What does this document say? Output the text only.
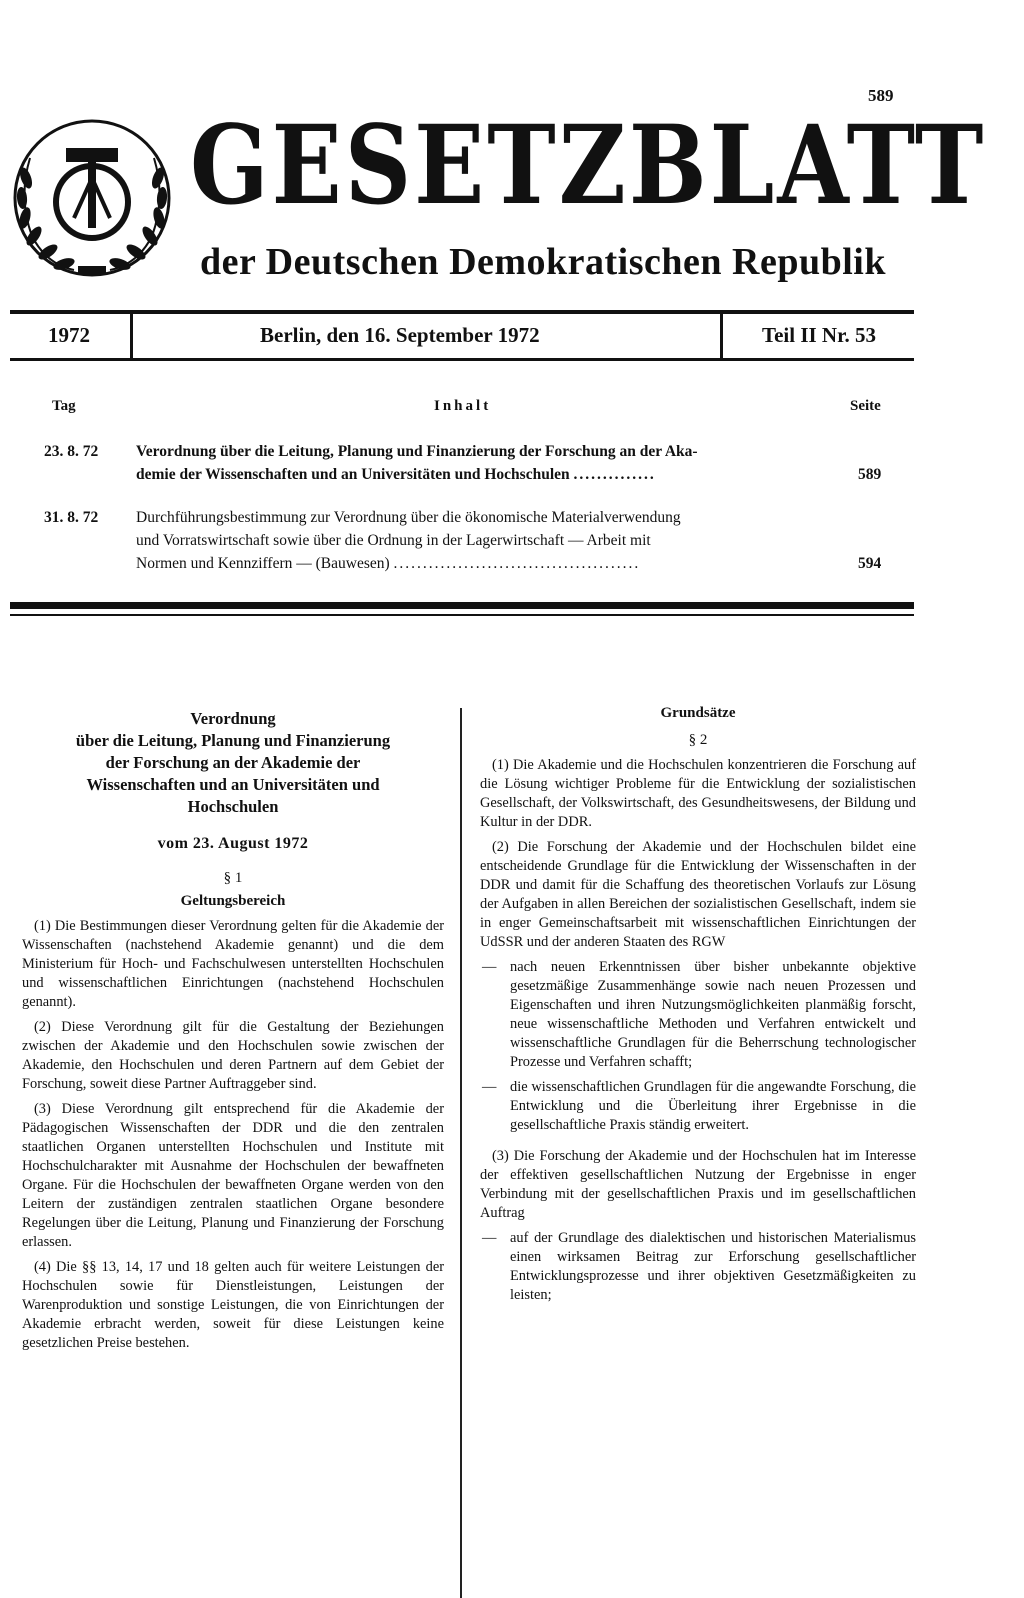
589
GESETZBLATT
der Deutschen Demokratischen Republik
1972	Berlin, den 16. September 1972	Teil II Nr. 53
Tag	Inhalt	Seite
23. 8. 72 Verordnung über die Leitung, Planung und Finanzierung der Forschung an der Aka-
demie der Wissenschaften und an Universitäten und Hochschulen ..............	589
31. 8. 72 Durchführungsbestimmung zur Verordnung über die ökonomische Materialverwendung
und Vorratswirtschaft sowie über die Ordnung in der Lagerwirtschaft — Arbeit mit
Normen und Kennziffern — (Bauwesen) ..........................................	594
Verordnung
über die Leitung, Planung und Finanzierung
der Forschung an der Akademie der
Wissenschaften und an Universitäten und
Hochschulen
vom 23. August 1972
§ 1
Geltungsbereich

(1) Die Bestimmungen dieser Verordnung gelten für die Akademie der Wissenschaften (nachstehend Akademie genannt) und die dem Ministerium für Hoch- und Fachschulwesen unterstellten Hochschulen und wissenschaftlichen Einrichtungen (nachstehend Hochschulen genannt).

(2) Diese Verordnung gilt für die Gestaltung der Beziehungen zwischen der Akademie und den Hochschulen sowie zwischen der Akademie, den Hochschulen und deren Partnern auf dem Gebiet der Forschung, soweit diese Partner Auftraggeber sind.

(3) Diese Verordnung gilt entsprechend für die Akademie der Pädagogischen Wissenschaften der DDR und die den zentralen staatlichen Organen unterstellten Hochschulen und Institute mit Hochschulcharakter mit Ausnahme der Hochschulen der bewaffneten Organe. Für die Hochschulen der bewaffneten Organe werden von den Leitern der zuständigen zentralen staatlichen Organe besondere Regelungen über die Leitung, Planung und Finanzierung der Forschung erlassen.

(4) Die §§ 13, 14, 17 und 18 gelten auch für weitere Leistungen der Hochschulen sowie für Dienstleistungen, Leistungen der Warenproduktion und sonstige Leistungen, die von Einrichtungen der Akademie erbracht werden, soweit für diese Leistungen keine gesetzlichen Preise bestehen.

Grundsätze
§ 2

(1) Die Akademie und die Hochschulen konzentrieren die Forschung auf die Lösung wichtiger Probleme für die Entwicklung der sozialistischen Gesellschaft, der Volkswirtschaft, des Gesundheitswesens, der Bildung und Kultur in der DDR.

(2) Die Forschung der Akademie und der Hochschulen bildet eine entscheidende Grundlage für die Entwicklung der Wissenschaften in der DDR und damit für die Schaffung des theoretischen Vorlaufs zur Lösung der Aufgaben in allen Bereichen der sozialistischen Gesellschaft, indem sie in enger Gemeinschaftsarbeit mit wissenschaftlichen Einrichtungen der UdSSR und der anderen Staaten des RGW

— nach neuen Erkenntnissen über bisher unbekannte objektive gesetzmäßige Zusammenhänge sowie nach neuen Prozessen und Eigenschaften und ihren Nutzungsmöglichkeiten planmäßig forscht, neue wissenschaftliche Methoden und Verfahren entwickelt und wissenschaftliche Grundlagen für die Beherrschung technologischer Prozesse und Verfahren schafft;
— die wissenschaftlichen Grundlagen für die angewandte Forschung, die Entwicklung und die Überleitung ihrer Ergebnisse in die gesellschaftliche Praxis ständig erweitert.

(3) Die Forschung der Akademie und der Hochschulen hat im Interesse der effektiven gesellschaftlichen Nutzung der Ergebnisse in enger Verbindung mit der gesellschaftlichen Praxis und im gesellschaftlichen Auftrag

— auf der Grundlage des dialektischen und historischen Materialismus einen wirksamen Beitrag zur Erforschung gesellschaftlicher Entwicklungsprozesse und ihrer objektiven Gesetzmäßigkeiten zu leisten;
